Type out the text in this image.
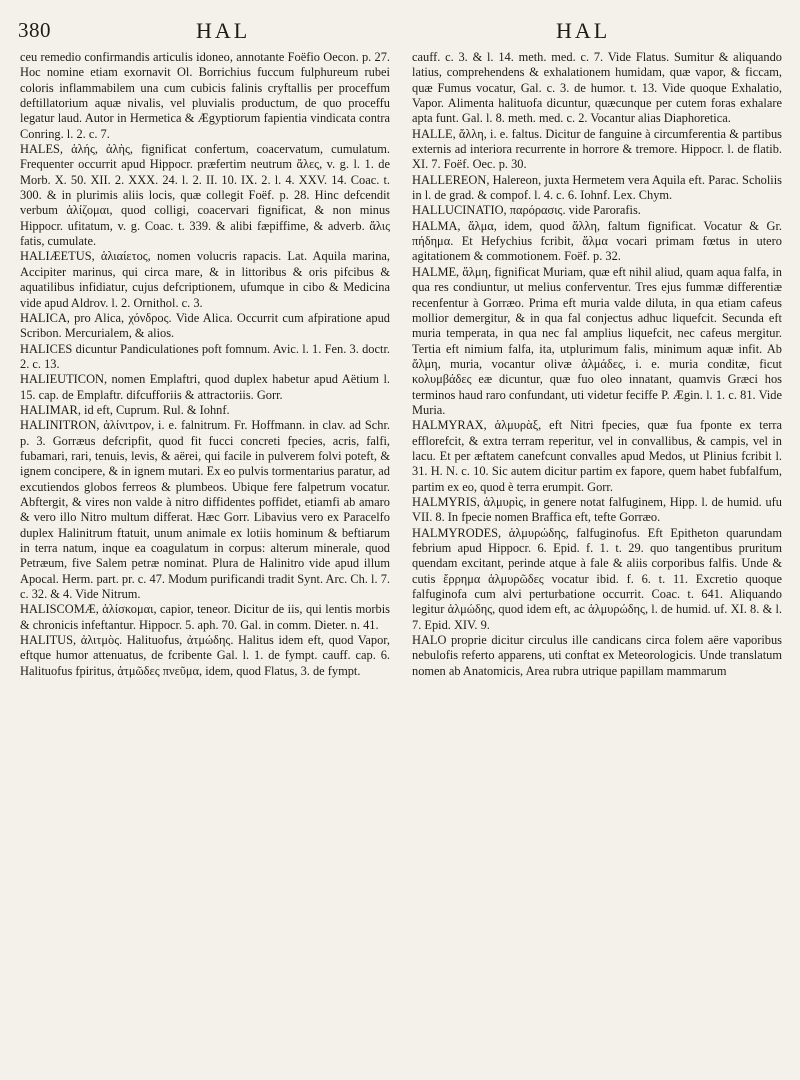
380	HAL	HAL

ceu remedio confirmandis articulis idoneo, annotante Foëfio Oecon. p. 27. Hoc nomine etiam exornavit Ol. Borrichius fuccum fulphureum rubei coloris inflammabilem una cum cubicis falinis cryftallis per proceffum deftillatorium aquæ nivalis, vel pluvialis productum, de quo proceffu legatur laud. Autor in Hermetica & Ægyptiorum fapientia vindicata contra Conring. l. 2. c. 7.

HALES, ἁλής, ἀλὴς, fignificat confertum, coacervatum, cumulatum. Frequenter occurrit apud Hippocr. præfertim neutrum ἄλες, v. g. l. 1. de Morb. X. 50. XII. 2. XXX. 24. l. 2. II. 10. IX. 2. l. 4. XXV. 14. Coac. t. 300. & in plurimis aliis locis, quæ collegit Foëf. p. 28. Hinc defcendit verbum ἁλίζομαι, quod colligi, coacervari fignificat, & non minus Hippocr. ufitatum, v. g. Coac. t. 339. & alibi fæpiffime, & adverb. ἄλις fatis, cumulate.

HALIÆETUS, ἁλιαίετος, nomen volucris rapacis. Lat. Aquila marina, Accipiter marinus, qui circa mare, & in littoribus & oris pifcibus & aquatilibus infidiatur, cujus defcriptionem, ufumque in cibo & Medicina vide apud Aldrov. l. 2. Ornithol. c. 3.

HALICA, pro Alica, χόνδρος. Vide Alica. Occurrit cum afpiratione apud Scribon. Mercurialem, & alios.

HALICES dicuntur Pandiculationes poft fomnum. Avic. l. 1. Fen. 3. doctr. 2. c. 13.

HALIEUTICON, nomen Emplaftri, quod duplex habetur apud Aëtium l. 15. cap. de Emplaftr. difcufforiis & attractoriis. Gorr.

HALIMAR, id eft, Cuprum. Rul. & Iohnf.

HALINITRON, ἁλίνιτρον, i. e. falnitrum. Fr. Hoffmann. in clav. ad Schr. p. 3. Gorræus defcripfit, quod fit fucci concreti fpecies, acris, falfi, fubamari, rari, tenuis, levis, & aërei, qui facile in pulverem folvi poteft, & ignem concipere, & in ignem mutari. Ex eo pulvis tormentarius paratur, ad excutiendos globos ferreos & plumbeos. Ubique fere falpetrum vocatur. Abftergit, & vires non valde à nitro diffidentes poffidet, etiamfi ab amaro & vero illo Nitro multum differat. Hæc Gorr. Libavius vero ex Paracelfo duplex Halinitrum ftatuit, unum animale ex lotiis hominum & beftiarum in terra natum, inque ea coagulatum in corpus: alterum minerale, quod Petræum, five Salem petræ nominat. Plura de Halinitro vide apud illum Apocal. Herm. part. pr. c. 47. Modum purificandi tradit Synt. Arc. Ch. l. 7. c. 32. & 4. Vide Nitrum.

HALISCOMÆ, ἁλίσκομαι, capior, teneor. Dicitur de iis, qui lentis morbis & chronicis infeftantur. Hippocr. 5. aph. 70. Gal. in comm. Dieter. n. 41.

HALITUS, ἀλιτμὸς. Halituofus, ἀτμώδης. Halitus idem eft, quod Vapor, eftque humor attenuatus, de fcribente Gal. l. 1. de fympt. cauff. cap. 6. Halituofus fpiritus, ἀτμῶδες πνεῦμα, idem, quod Flatus, 3. de fympt.

cauff. c. 3. & l. 14. meth. med. c. 7. Vide Flatus. Sumitur & aliquando latius, comprehendens & exhalationem humidam, quæ vapor, & ficcam, quæ Fumus vocatur, Gal. c. 3. de humor. t. 13. Vide quoque Exhalatio, Vapor. Alimenta halituofa dicuntur, quæcunque per cutem foras exhalare apta funt. Gal. l. 8. meth. med. c. 2. Vocantur alias Diaphoretica.

HALLE, ἅλλη, i. e. faltus. Dicitur de fanguine à circumferentia & partibus externis ad interiora recurrente in horrore & tremore. Hippocr. l. de flatib. XI. 7. Foëf. Oec. p. 30.

HALLEREON, Halereon, juxta Hermetem vera Aquila eft. Parac. Scholiis in l. de grad. & compof. l. 4. c. 6. Iohnf. Lex. Chym.

HALLUCINATIO, παρόρασις. vide Parorafis.

HALMA, ἅλμα, idem, quod ἅλλη, faltum fignificat. Vocatur & Gr. πήδημα. Et Hefychius fcribit, ἅλμα vocari primam fœtus in utero agitationem & commotionem. Foëf. p. 32.

HALME, ἅλμη, fignificat Muriam, quæ eft nihil aliud, quam aqua falfa, in qua res condiuntur, ut melius conferventur. Tres ejus fummæ differentiæ recenfentur à Gorræo. Prima eft muria valde diluta, in qua etiam cafeus mollior demergitur, & in qua fal conjectus adhuc liquefcit. Secunda eft muria temperata, in qua nec fal amplius liquefcit, nec cafeus mergitur. Tertia eft nimium falfa, ita, utplurimum falis, minimum aquæ infit. Ab ἅλμη, muria, vocantur olivæ ἁλμάδες, i. e. muria conditæ, ficut κολυμβάδες eæ dicuntur, quæ fuo oleo innatant, quamvis Græci hos terminos haud raro confundant, uti videtur feciffe P. Ægin. l. 1. c. 81. Vide Muria.

HALMYRAX, ἁλμυρὰξ, eft Nitri fpecies, quæ fua fponte ex terra efflorefcit, & extra terram reperitur, vel in convallibus, & campis, vel in lacu. Et per æftatem canefcunt convalles apud Medos, ut Plinius fcribit l. 31. H. N. c. 10. Sic autem dicitur partim ex fapore, quem habet fubfalfum, partim ex eo, quod è terra erumpit. Gorr.

HALMYRIS, ἁλμυρὶς, in genere notat falfuginem, Hipp. l. de humid. ufu VII. 8. In fpecie nomen Braffica eft, tefte Gorræo.

HALMYRODES, ἁλμυρώδης, falfuginofus. Eft Epitheton quarundam febrium apud Hippocr. 6. Epid. f. 1. t. 29. quo tangentibus pruritum quendam excitant, perinde atque à fale & aliis corporibus falfis. Unde & cutis ἔρρημα ἁλμυρῶδες vocatur ibid. f. 6. t. 11. Excretio quoque falfuginofa cum alvi perturbatione occurrit. Coac. t. 641. Aliquando legitur ἁλμώδης, quod idem eft, ac ἁλμυρώδης, l. de humid. uf. XI. 8. & l. 7. Epid. XIV. 9.

HALO proprie dicitur circulus ille candicans circa folem aëre vaporibus nebulofis referto apparens, uti conftat ex Meteorologicis. Unde translatum nomen ab Anatomicis, Area rubra utrique papillam mammarum
